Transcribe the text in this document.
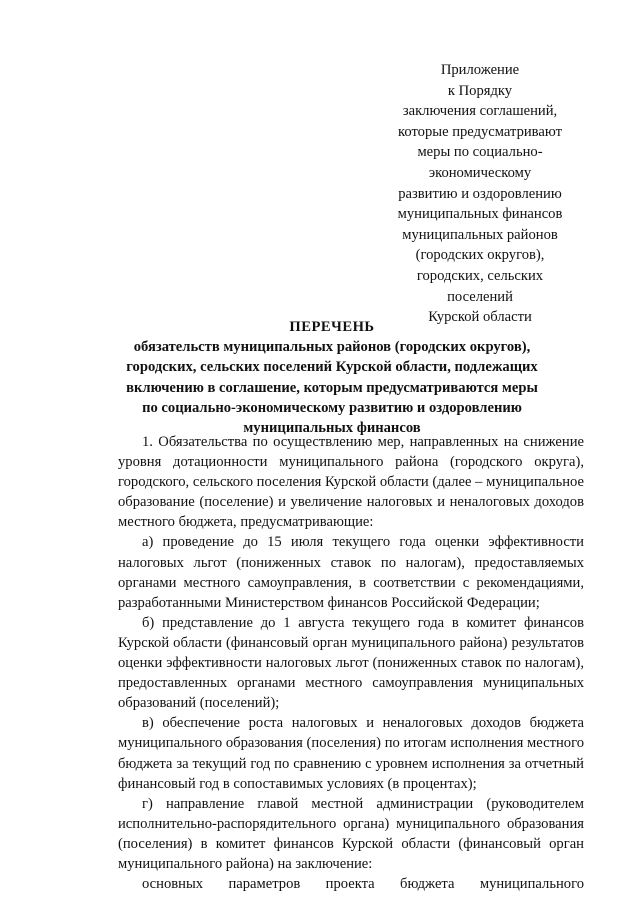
Приложение
к Порядку
заключения соглашений,
которые предусматривают
меры по социально-
экономическому
развитию и оздоровлению
муниципальных финансов
муниципальных районов
(городских округов),
городских, сельских
поселений
Курской области
ПЕРЕЧЕНЬ
обязательств муниципальных районов (городских округов),
городских, сельских поселений Курской области, подлежащих
включению в соглашение, которым предусматриваются меры
по социально-экономическому развитию и оздоровлению
муниципальных финансов
1. Обязательства по осуществлению мер, направленных на снижение
уровня дотационности муниципального района (городского округа),
городского, сельского поселения Курской области (далее – муниципальное
образование (поселение) и увеличение налоговых и неналоговых доходов
местного бюджета, предусматривающие:
а) проведение до 15 июля текущего года оценки эффективности
налоговых льгот (пониженных ставок по налогам), предоставляемых
органами местного самоуправления, в соответствии с рекомендациями,
разработанными Министерством финансов Российской Федерации;
б) представление до 1 августа текущего года в комитет финансов
Курской области (финансовый орган муниципального района) результатов
оценки эффективности налоговых льгот (пониженных ставок по налогам),
предоставленных органами местного самоуправления муниципальных
образований (поселений);
в) обеспечение роста налоговых и неналоговых доходов бюджета
муниципального образования (поселения) по итогам исполнения местного
бюджета за текущий год по сравнению с уровнем исполнения за отчетный
финансовый год в сопоставимых условиях (в процентах);
г) направление главой местной администрации (руководителем
исполнительно-распорядительного органа) муниципального образования
(поселения) в комитет финансов Курской области (финансовый орган
муниципального района) на заключение:
основных параметров проекта бюджета муниципального
